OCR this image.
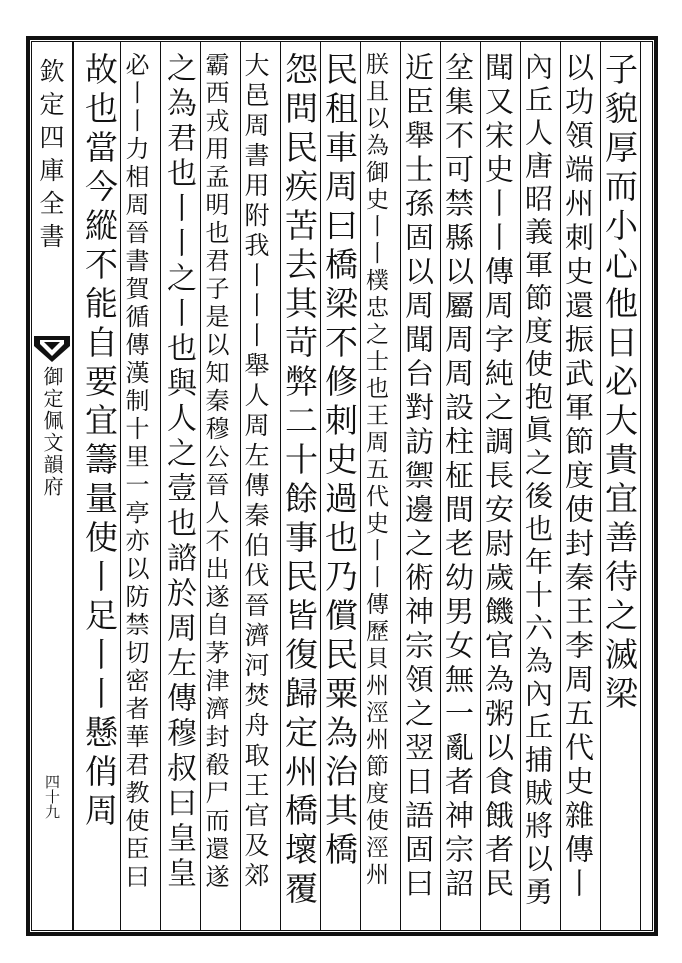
欽定四庫全書
御定佩文韻府
四十九
子貌厚而小心他日必大貴宜善待之滅梁
以功領端州刺史還振武軍節度使封秦王李周五代史雜傳丨
內丘人唐昭義軍節度使抱眞之後也年十六為內丘捕賊將以勇
聞又宋史丨丨傳周字純之調長安尉歲饑官為粥以食餓者民
坌集不可禁縣以屬周周設柱柾間老幼男女無一亂者神宗詔
近臣舉士孫固以周聞台對訪禦邊之術神宗領之翌日語固曰
朕且以為御史丨丨樸忠之士也王周五代史丨丨傳歷貝州涇州節度使涇州
民租車周曰橋梁不修刺史過也乃償民粟為治其橋
怨問民疾苦去其苛弊二十餘事民皆復歸定州橋壞覆
大邑周書用附我丨丨丨舉人周左傳秦伯伐晉濟河焚舟取王官及郊
霸西戎用孟明也君子是以知秦穆公晉人不出遂自茅津濟封殽尸而還遂
之為君也丨丨之丨也與人之壹也諮於周左傳穆叔曰皇皇
必丨丨力相周晉書賀循傳漢制十里一亭亦以防禁切密者華君教使臣曰
故也當今縱不能自要宜籌量使丨足丨丨懸俏周
